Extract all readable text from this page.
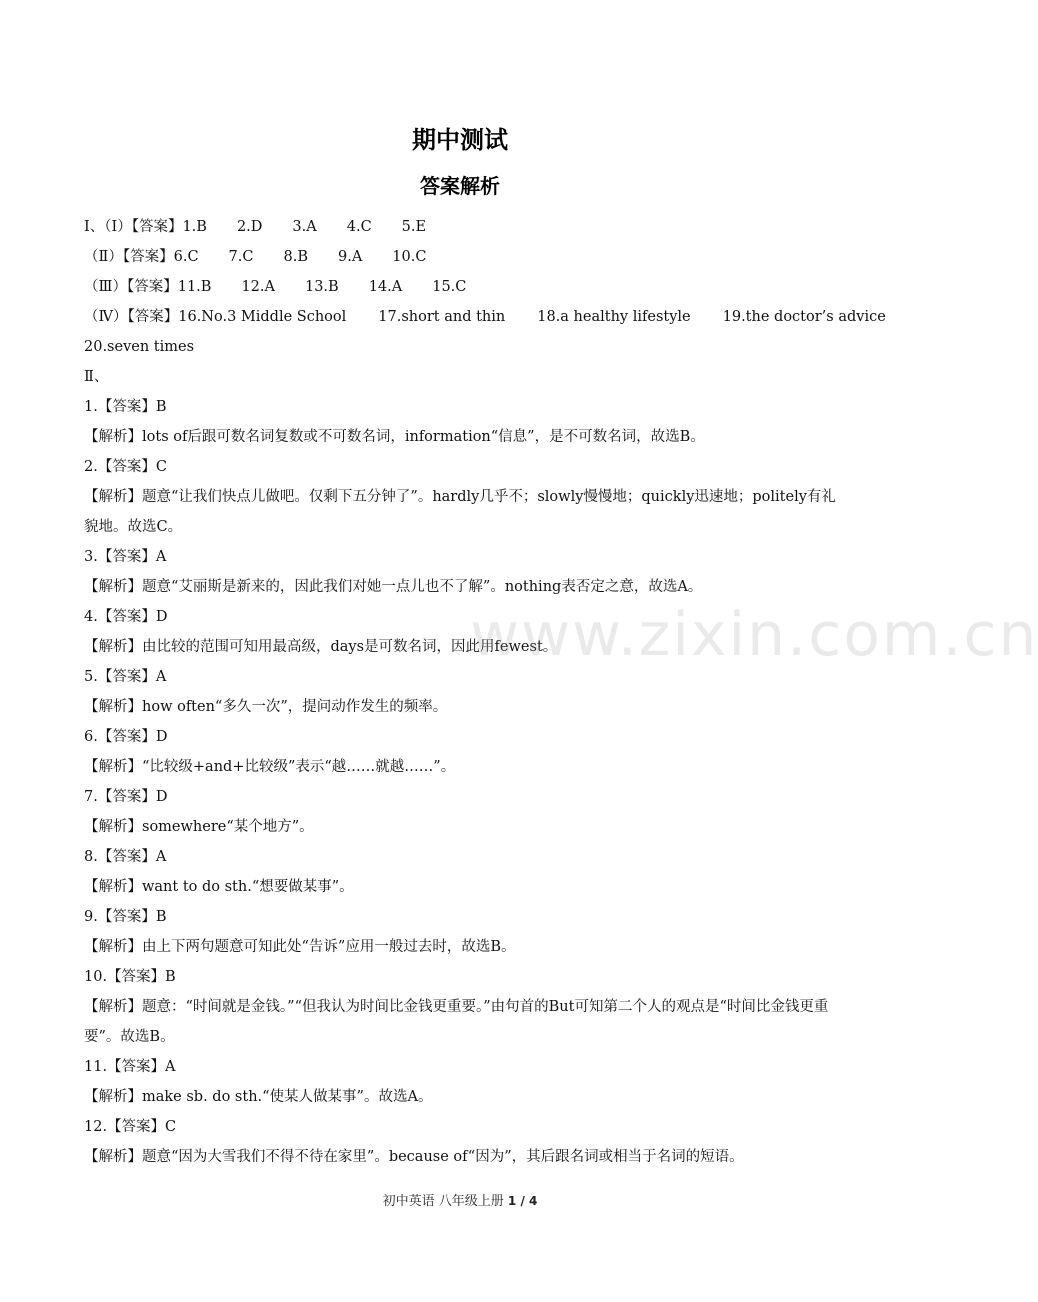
期中测试
答案解析
Ⅰ、（Ⅰ）【答案】1.B 2.D 3.A 4.C 5.E
（Ⅱ）【答案】6.C 7.C 8.B 9.A 10.C
（Ⅲ）【答案】11.B 12.A 13.B 14.A 15.C
（Ⅳ）【答案】16.No.3 Middle School 17.short and thin 18.a healthy lifestyle 19.the doctor’s advice
20.seven times
Ⅱ、
1.【答案】B
【解析】lots of后跟可数名词复数或不可数名词，information“信息”，是不可数名词，故选B。
2.【答案】C
【解析】题意“让我们快点儿做吧。仅剩下五分钟了”。hardly几乎不；slowly慢慢地；quickly迅速地；politely有礼貌地。故选C。
3.【答案】A
【解析】题意“艾丽斯是新来的，因此我们对她一点儿也不了解”。nothing表否定之意，故选A。
4.【答案】D
【解析】由比较的范围可知用最高级，days是可数名词，因此用fewest。
5.【答案】A
【解析】how often“多久一次”，提问动作发生的频率。
6.【答案】D
【解析】“比较级+and+比较级”表示“越……就越……”。
7.【答案】D
【解析】somewhere“某个地方”。
8.【答案】A
【解析】want to do sth.“想要做某事”。
9.【答案】B
【解析】由上下两句题意可知此处“告诉”应用一般过去时，故选B。
10.【答案】B
【解析】题意：“时间就是金钱。”“但我认为时间比金钱更重要。”由句首的But可知第二个人的观点是“时间比金钱更重要”。故选B。
11.【答案】A
【解析】make sb. do sth.“使某人做某事”。故选A。
12.【答案】C
【解析】题意“因为大雪我们不得不待在家里”。because of“因为”，其后跟名词或相当于名词的短语。
www.zixin.com.cn
初中英语 八年级上册 1 / 4
